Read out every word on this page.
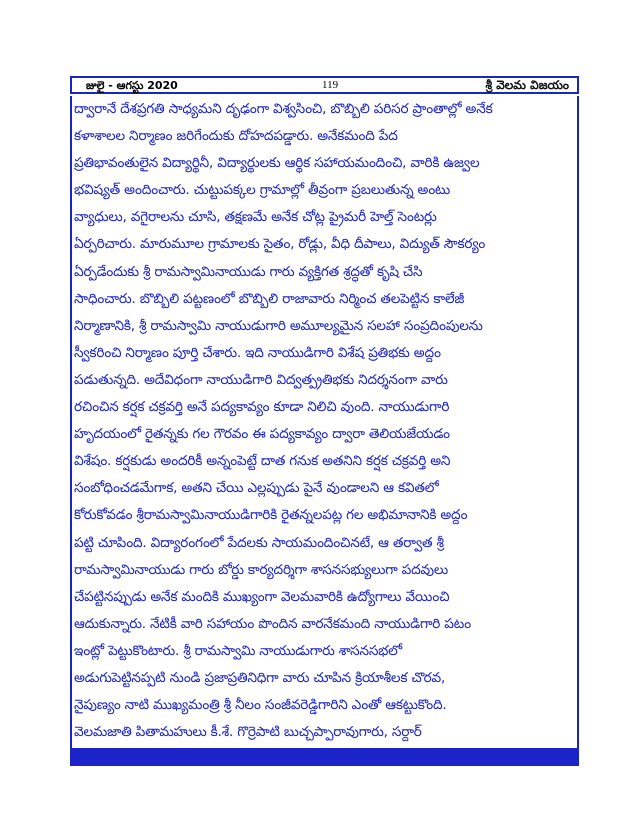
జులై - ఆగస్టు 2020	119	శ్రీ వెలమ విజయం
ద్వారానే దేశప్రగతి సాధ్యమని దృఢంగా విశ్వసించి, బొబ్బిలి పరిసర ప్రాంతాల్లో అనేక
కళాశాలల నిర్మాణం జరిగేందుకు దోహదపడ్డారు. అనేకమంది పేద
ప్రతిభావంతులైన విద్యార్థినీ, విద్యార్థులకు ఆర్థిక సహాయమందించి, వారికి ఉజ్వల
భవిష్యత్ అందించారు. చుట్టుపక్కల గ్రామాల్లో తీవ్రంగా ప్రబలుతున్న అంటు
వ్యాధులు, వగైరాలను చూసి, తక్షణమే అనేక చోట్ల ప్రైమరీ హెల్త్ సెంటర్లు
ఏర్పరిచారు. మారుమూల గ్రామాలకు సైతం, రోడ్లు, వీధి దీపాలు, విద్యుత్ సౌకర్యం
ఏర్పడేందుకు శ్రీ రామస్వామినాయుడు గారు వ్యక్తిగత శ్రద్ధతో కృషి చేసి
సాధించారు. బొబ్బిలి పట్టణంలో బొబ్బిలి రాజావారు నిర్మించ తలపెట్టిన కాలేజీ
నిర్మాణానికి, శ్రీ రామస్వామి నాయుడుగారి అమూల్యమైన సలహా సంప్రదింపులను
స్వీకరించి నిర్మాణం పూర్తి చేశారు. ఇది నాయుడిగారి విశేష ప్రతిభకు అద్దం
పడుతున్నది. అదేవిధంగా నాయుడిగారి విద్వత్ప్రతిభకు నిదర్శనంగా వారు
రచించిన కర్షక చక్రవర్తి అనే పద్యకావ్యం కూడా నిలిచి వుంది. నాయుడుగారి
హృదయంలో రైతన్నకు గల గౌరవం ఈ పద్యకావ్యం ద్వారా తెలియజేయడం
విశేషం. కర్షకుడు అందరికీ అన్నంపెట్టే దాత గనుక అతనిని కర్షక చక్రవర్తి అని
సంబోధించడమేగాక, అతని చేయి ఎల్లప్పుడు పైనే వుండాలని ఆ కవితలో
కోరుకోవడం శ్రీరామస్వామినాయుడిగారికి రైతన్నలపట్ల గల అభిమానానికి అద్దం
పట్టి చూపింది. విద్యారంగంలో పేదలకు సాయమందించినటే, ఆ తర్వాత శ్రీ
రామస్వామినాయుడు గారు బోర్డు కార్యదర్శిగా శాసనసభ్యులుగా పదవులు
చేపట్టినప్పుడు అనేక మందికి ముఖ్యంగా వెలమవారికి ఉద్యోగాలు వేయించి
ఆదుకున్నారు. నేటికీ వారి సహాయం పొందిన వారనేకమంది నాయుడిగారి పటం
ఇంట్లో పెట్టుకొంటారు. శ్రీ రామస్వామి నాయుడుగారు శాసనసభలో
అడుగుపెట్టినప్పటి నుండి ప్రజాప్రతినిధిగా వారు చూపిన క్రియాశీలక చొరవ,
నైపుణ్యం నాటి ముఖ్యమంత్రి శ్రీ నీలం సంజీవరెడ్డిగారిని ఎంతో ఆకట్టుకొంది.
వెలమజాతి పితామహులు కీ.శే. గొర్రెపాటి బుచ్చప్పారావుగారు, సర్దార్
